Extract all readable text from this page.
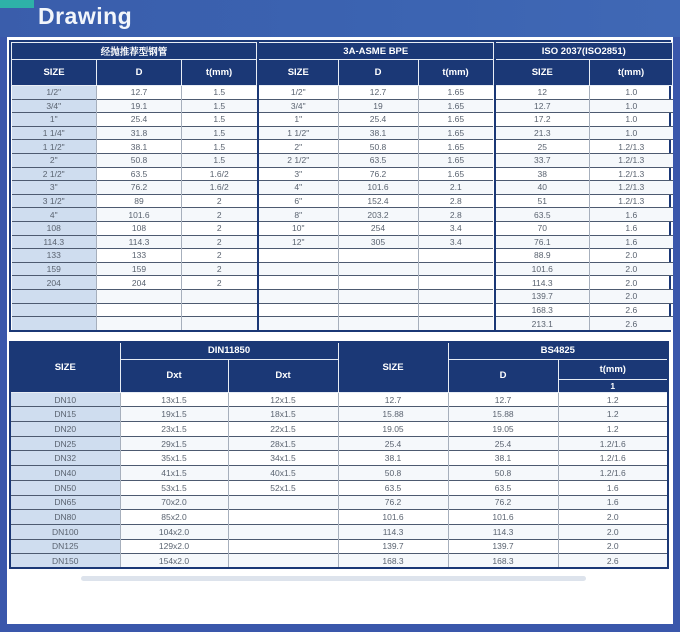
Drawing
经抛推荐型钢管		
SIZE	D	t(mm)
1/2"	12.7	1.5
3/4"	19.1	1.5
1"	25.4	1.5
1 1/4"	31.8	1.5
1 1/2"	38.1	1.5
2"	50.8	1.5
2 1/2"	63.5	1.6/2
3"	76.2	1.6/2
3 1/2"	89	2
4"	101.6	2
108	108	2
114.3	114.3	2
133	133	2
159	159	2
204	204	2

3A-ASME BPE		
SIZE	D	t(mm)
1/2"	12.7	1.65
3/4"	19	1.65
1"	25.4	1.65
1 1/2"	38.1	1.65
2"	50.8	1.65
2 1/2"	63.5	1.65
3"	76.2	1.65
4"	101.6	2.1
6"	152.4	2.8
8"	203.2	2.8
10"	254	3.4
12"	305	3.4

ISO 2037(ISO2851)	
SIZE	t(mm)
12	1.0
12.7	1.0
17.2	1.0
21.3	1.0
25	1.2/1.3
33.7	1.2/1.3
38	1.2/1.3
40	1.2/1.3
51	1.2/1.3
63.5	1.6
70	1.6
76.1	1.6
88.9	2.0
101.6	2.0
114.3	2.0
139.7	2.0
168.3	2.6
213.1	2.6
SIZE	DIN11850		SIZE	BS4825	
	Dxt	Dxt		D	t(mm)
					1
DN10	13x1.5	12x1.5	12.7	12.7	1.2
DN15	19x1.5	18x1.5	15.88	15.88	1.2
DN20	23x1.5	22x1.5	19.05	19.05	1.2
DN25	29x1.5	28x1.5	25.4	25.4	1.2/1.6
DN32	35x1.5	34x1.5	38.1	38.1	1.2/1.6
DN40	41x1.5	40x1.5	50.8	50.8	1.2/1.6
DN50	53x1.5	52x1.5	63.5	63.5	1.6
DN65	70x2.0		76.2	76.2	1.6
DN80	85x2.0		101.6	101.6	2.0
DN100	104x2.0		114.3	114.3	2.0
DN125	129x2.0		139.7	139.7	2.0
DN150	154x2.0		168.3	168.3	2.6
